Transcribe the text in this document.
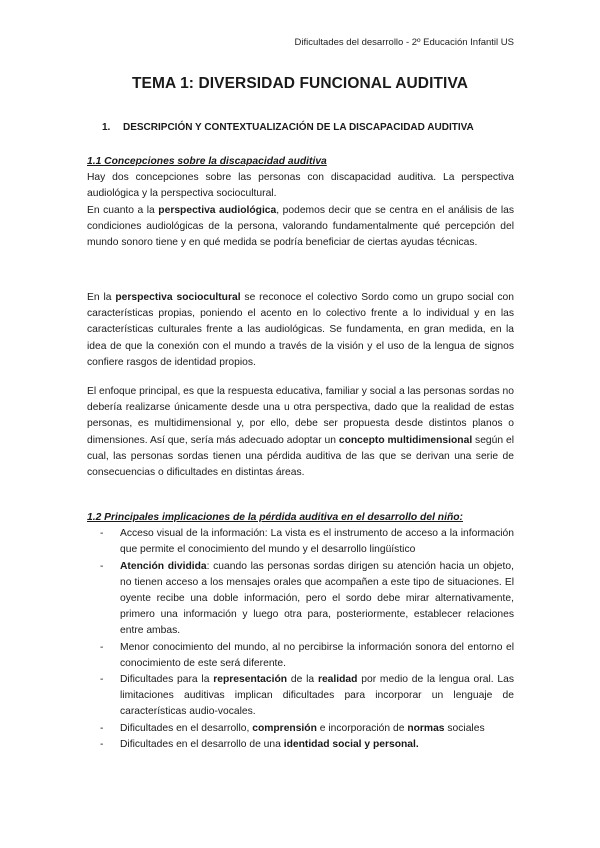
Dificultades del desarrollo - 2º Educación Infantil US
TEMA 1: DIVERSIDAD FUNCIONAL AUDITIVA
1. DESCRIPCIÓN Y CONTEXTUALIZACIÓN DE LA DISCAPACIDAD AUDITIVA

1.1 Concepciones sobre la discapacidad auditiva

Hay dos concepciones sobre las personas con discapacidad auditiva. La perspectiva audiológica y la perspectiva sociocultural.

En cuanto a la perspectiva audiológica, podemos decir que se centra en el análisis de las condiciones audiológicas de la persona, valorando fundamentalmente qué percepción del mundo sonoro tiene y en qué medida se podría beneficiar de ciertas ayudas técnicas.

En la perspectiva sociocultural se reconoce el colectivo Sordo como un grupo social con características propias, poniendo el acento en lo colectivo frente a lo individual y en las características culturales frente a las audiológicas. Se fundamenta, en gran medida, en la idea de que la conexión con el mundo a través de la visión y el uso de la lengua de signos confiere rasgos de identidad propios.

El enfoque principal, es que la respuesta educativa, familiar y social a las personas sordas no debería realizarse únicamente desde una u otra perspectiva, dado que la realidad de estas personas, es multidimensional y, por ello, debe ser propuesta desde distintos planos o dimensiones. Así que, sería más adecuado adoptar un concepto multidimensional según el cual, las personas sordas tienen una pérdida auditiva de las que se derivan una serie de consecuencias o dificultades en distintas áreas.

1.2 Principales implicaciones de la pérdida auditiva en el desarrollo del niño:

- Acceso visual de la información: La vista es el instrumento de acceso a la información que permite el conocimiento del mundo y el desarrollo lingüístico
- Atención dividida: cuando las personas sordas dirigen su atención hacia un objeto, no tienen acceso a los mensajes orales que acompañen a este tipo de situaciones. El oyente recibe una doble información, pero el sordo debe mirar alternativamente, primero una información y luego otra para, posteriormente, establecer relaciones entre ambas.
- Menor conocimiento del mundo, al no percibirse la información sonora del entorno el conocimiento de este será diferente.
- Dificultades para la representación de la realidad por medio de la lengua oral. Las limitaciones auditivas implican dificultades para incorporar un lenguaje de características audio-vocales.
- Dificultades en el desarrollo, comprensión e incorporación de normas sociales
- Dificultades en el desarrollo de una identidad social y personal.
